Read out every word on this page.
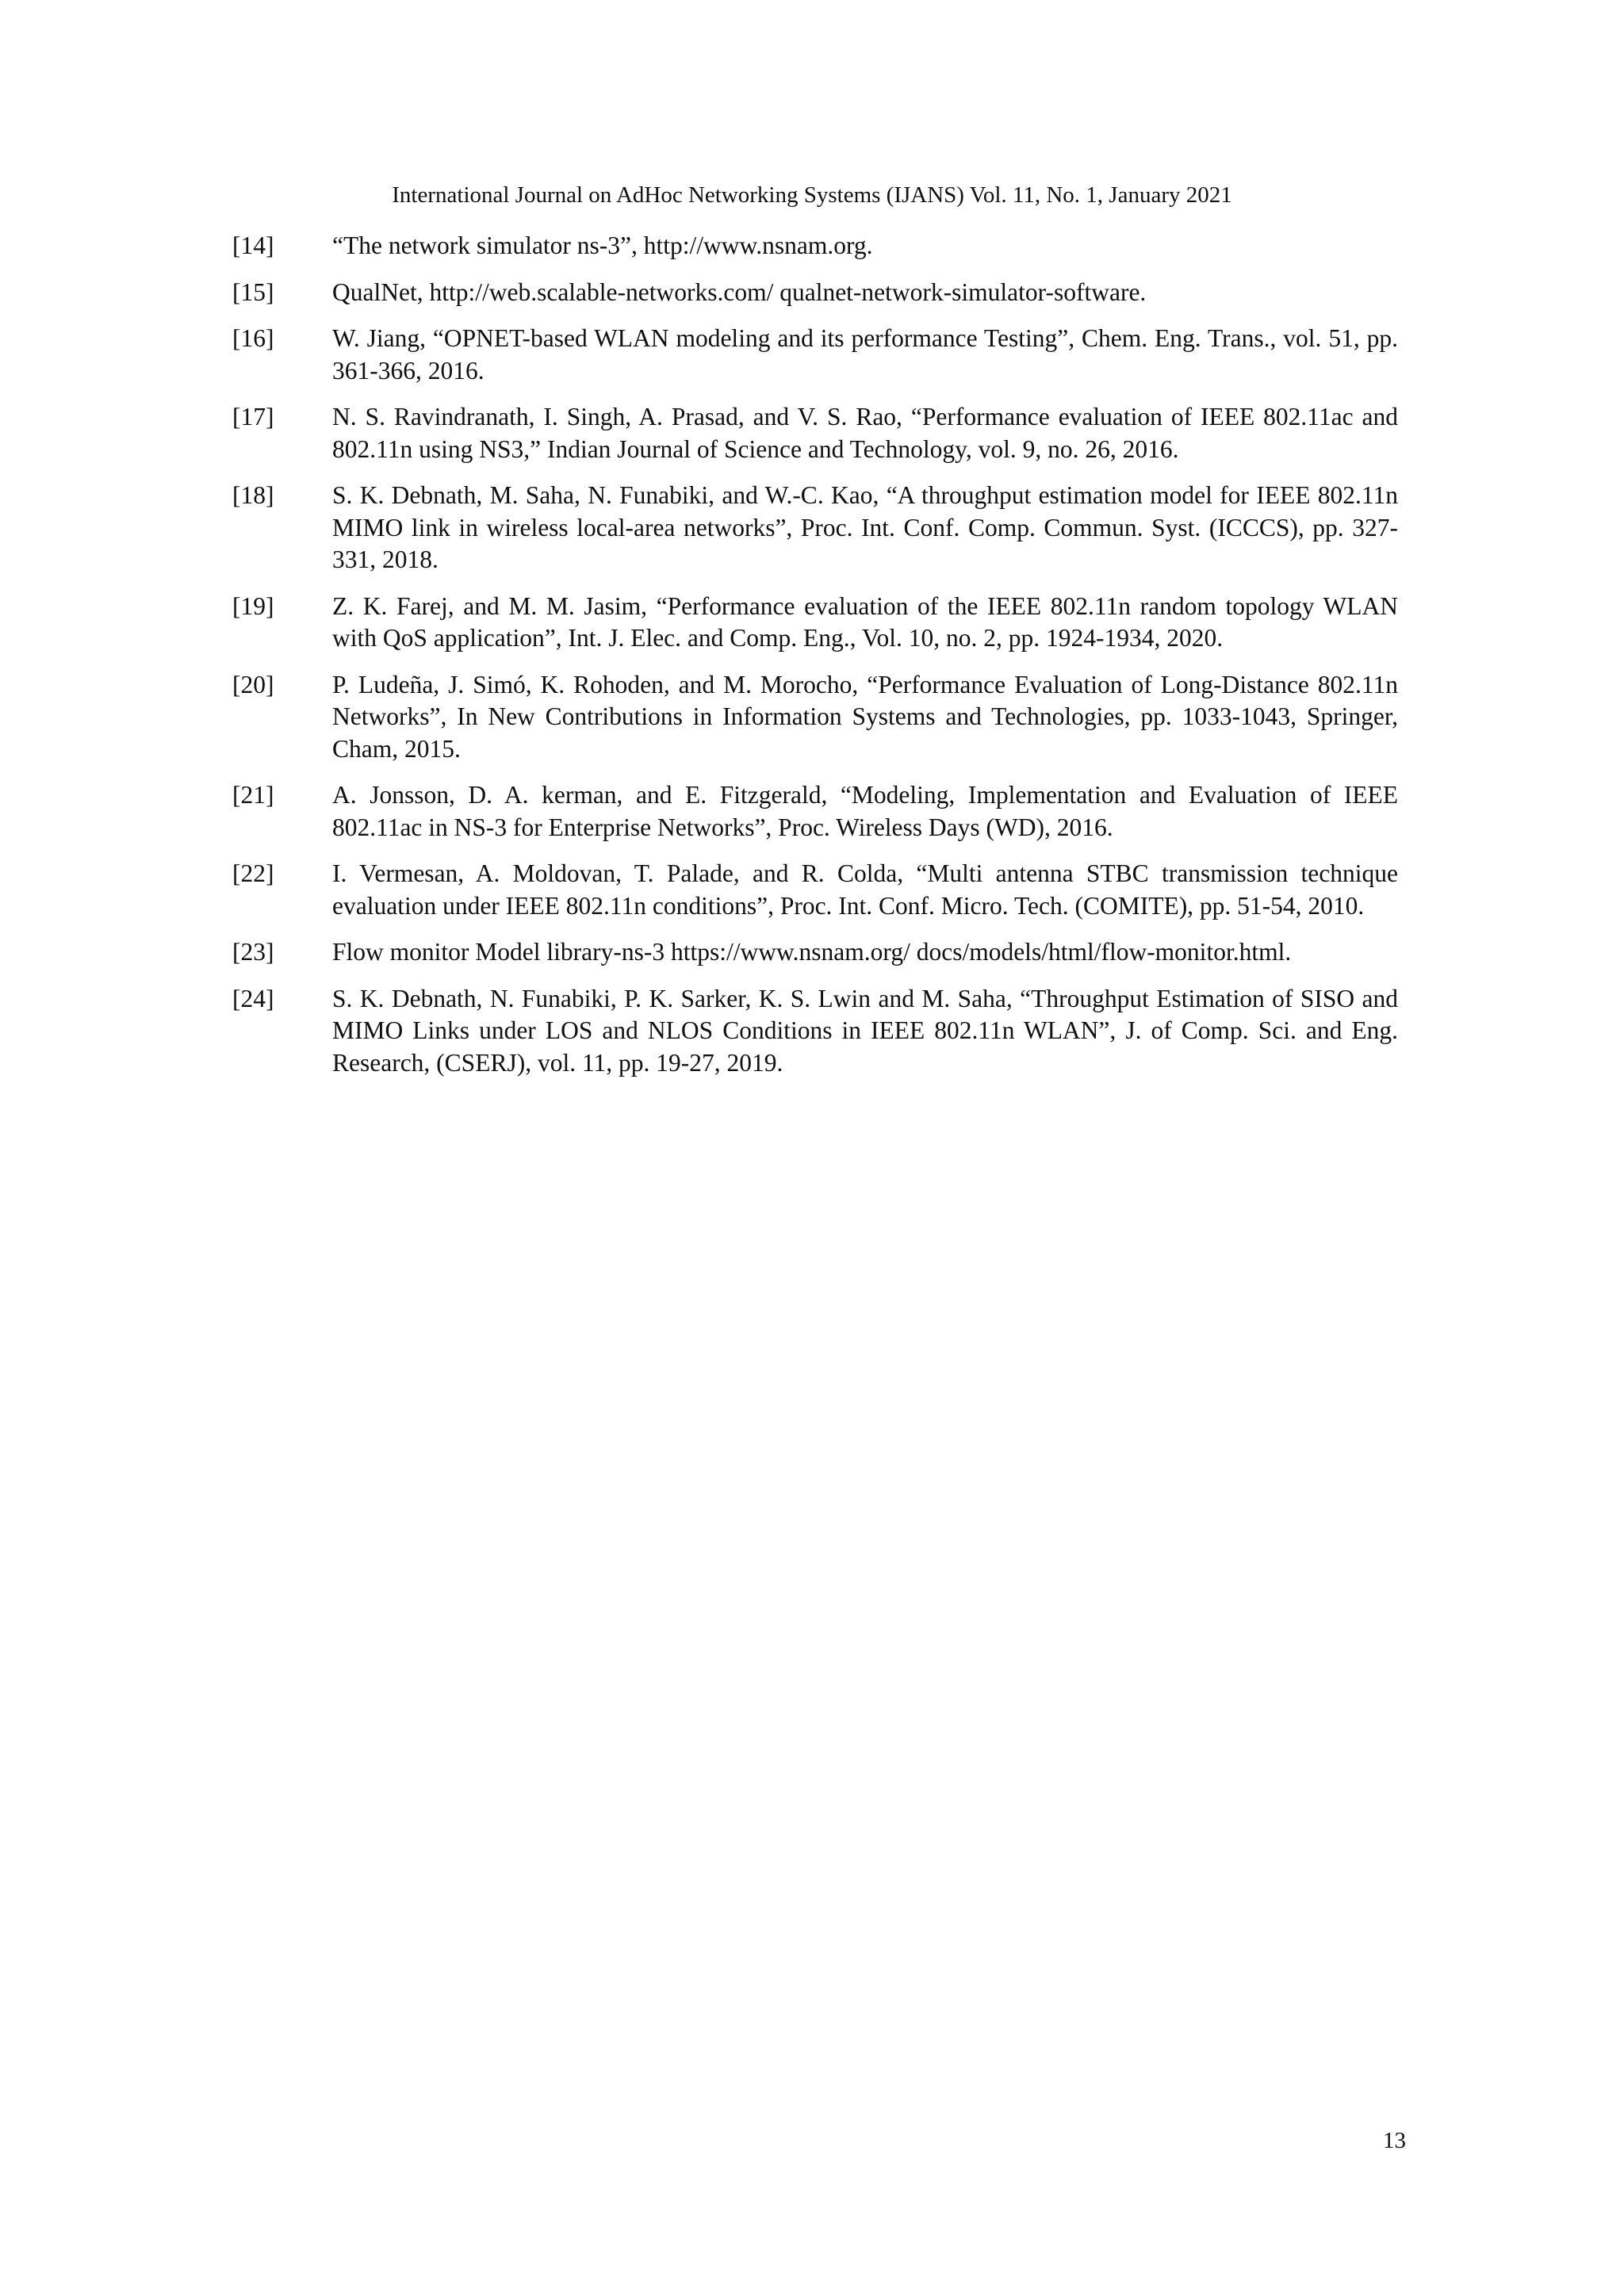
International Journal on AdHoc Networking Systems (IJANS) Vol. 11, No. 1, January 2021
[14]	“The network simulator ns-3”, http://www.nsnam.org.
[15]	QualNet, http://web.scalable-networks.com/ qualnet-network-simulator-software.
[16]	W. Jiang, “OPNET-based WLAN modeling and its performance Testing”, Chem. Eng. Trans., vol. 51, pp. 361-366, 2016.
[17]	N. S. Ravindranath, I. Singh, A. Prasad, and V. S. Rao, “Performance evaluation of IEEE 802.11ac and 802.11n using NS3,” Indian Journal of Science and Technology, vol. 9, no. 26, 2016.
[18]	S. K. Debnath, M. Saha, N. Funabiki, and W.-C. Kao, “A throughput estimation model for IEEE 802.11n MIMO link in wireless local-area networks”, Proc. Int. Conf. Comp. Commun. Syst. (ICCCS), pp. 327-331, 2018.
[19]	Z. K. Farej, and M. M. Jasim, “Performance evaluation of the IEEE 802.11n random topology WLAN with QoS application”, Int. J. Elec. and Comp. Eng., Vol. 10, no. 2, pp. 1924-1934, 2020.
[20]	P. Ludeña, J. Simó, K. Rohoden, and M. Morocho, “Performance Evaluation of Long-Distance 802.11n Networks”, In New Contributions in Information Systems and Technologies, pp. 1033-1043, Springer, Cham, 2015.
[21]	A. Jonsson, D. A. kerman, and E. Fitzgerald, “Modeling, Implementation and Evaluation of IEEE 802.11ac in NS-3 for Enterprise Networks”, Proc. Wireless Days (WD), 2016.
[22]	I. Vermesan, A. Moldovan, T. Palade, and R. Colda, “Multi antenna STBC transmission technique evaluation under IEEE 802.11n conditions”, Proc. Int. Conf. Micro. Tech. (COMITE), pp. 51-54, 2010.
[23]	Flow monitor Model library-ns-3 https://www.nsnam.org/ docs/models/html/flow-monitor.html.
[24]	S. K. Debnath, N. Funabiki, P. K. Sarker, K. S. Lwin and M. Saha, “Throughput Estimation of SISO and MIMO Links under LOS and NLOS Conditions in IEEE 802.11n WLAN”, J. of Comp. Sci. and Eng. Research, (CSERJ), vol. 11, pp. 19-27, 2019.
13
